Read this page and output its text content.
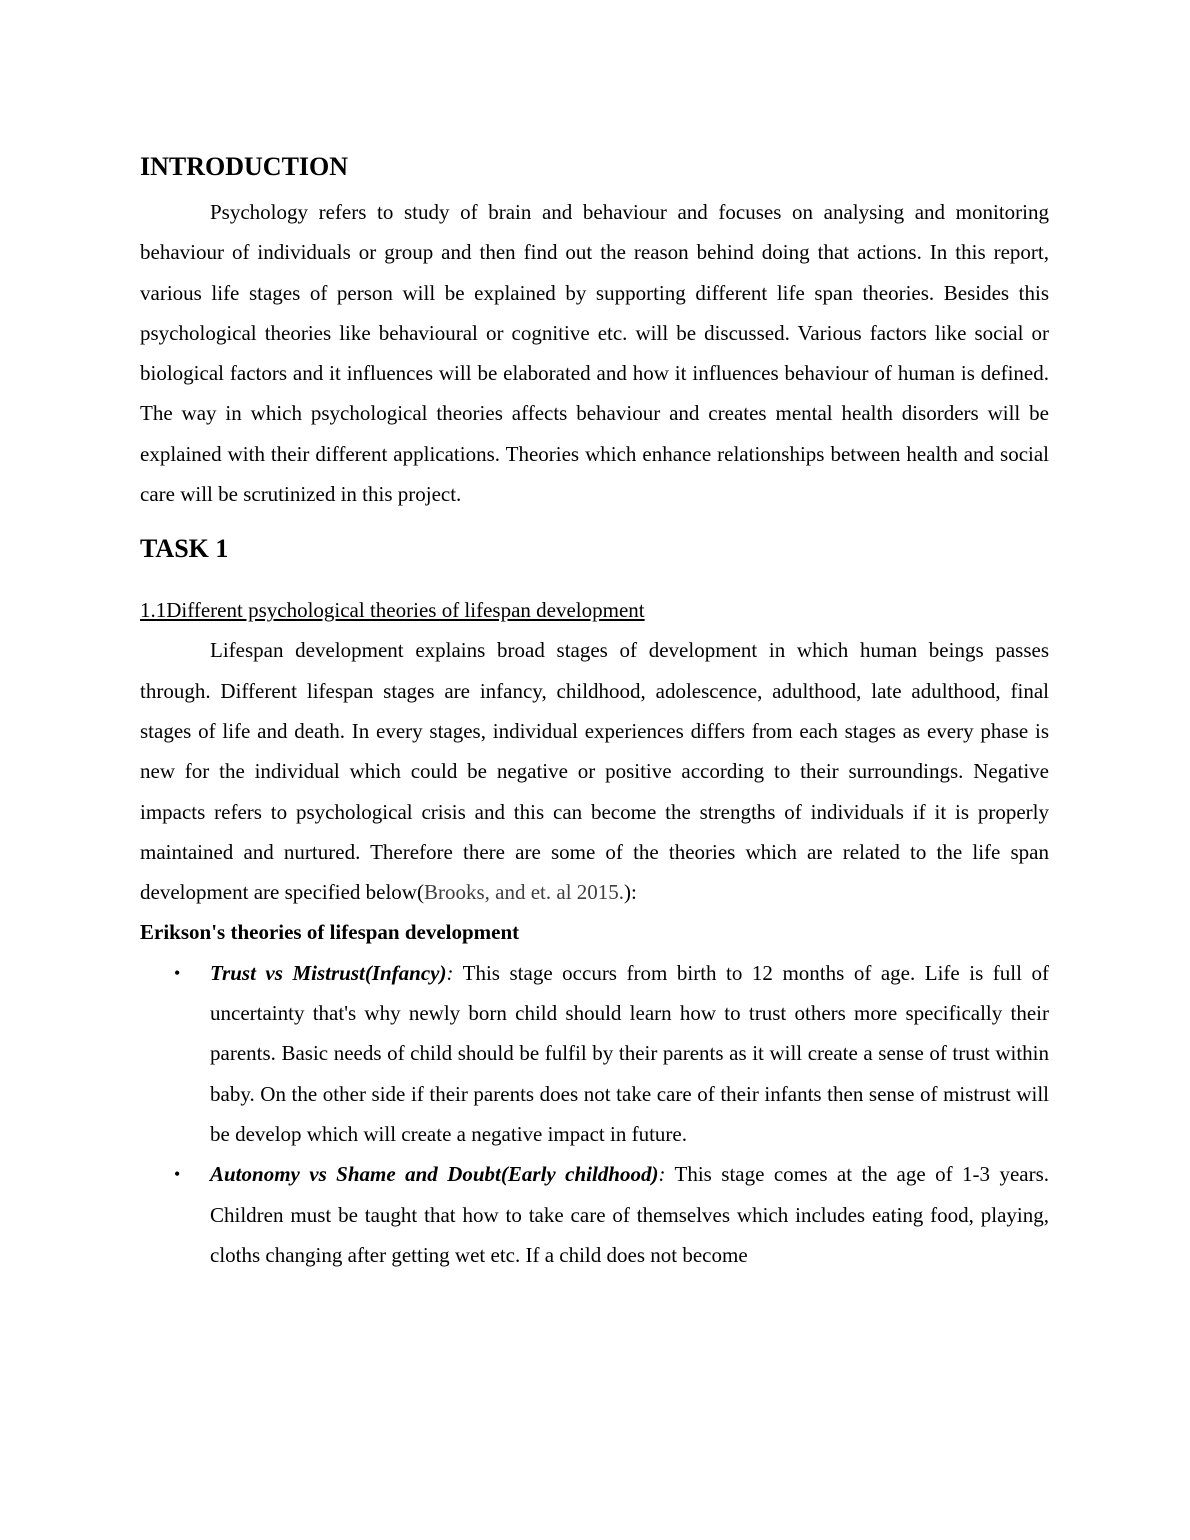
INTRODUCTION

Psychology refers to study of brain and behaviour and focuses on analysing and monitoring behaviour of individuals or group and then find out the reason behind doing that actions. In this report, various life stages of person will be explained by supporting different life span theories. Besides this psychological theories like behavioural or cognitive etc. will be discussed. Various factors like social or biological factors and it influences will be elaborated and how it influences behaviour of human is defined. The way in which psychological theories affects behaviour and creates mental health disorders will be explained with their different applications. Theories which enhance relationships between health and social care will be scrutinized in this project.

TASK 1
1.1Different psychological theories of lifespan development

Lifespan development explains broad stages of development in which human beings passes through. Different lifespan stages are infancy, childhood, adolescence, adulthood, late adulthood, final stages of life and death. In every stages, individual experiences differs from each stages as every phase is new for the individual which could be negative or positive according to their surroundings. Negative impacts refers to psychological crisis and this can become the strengths of individuals if it is properly maintained and nurtured. Therefore there are some of the theories which are related to the life span development are specified below(Brooks, and et. al 2015.):

Erikson's theories of lifespan development
• Trust vs Mistrust(Infancy): This stage occurs from birth to 12 months of age. Life is full of uncertainty that's why newly born child should learn how to trust others more specifically their parents. Basic needs of child should be fulfil by their parents as it will create a sense of trust within baby. On the other side if their parents does not take care of their infants then sense of mistrust will be develop which will create a negative impact in future.
• Autonomy vs Shame and Doubt(Early childhood): This stage comes at the age of 1-3 years. Children must be taught that how to take care of themselves which includes eating food, playing, cloths changing after getting wet etc. If a child does not become
